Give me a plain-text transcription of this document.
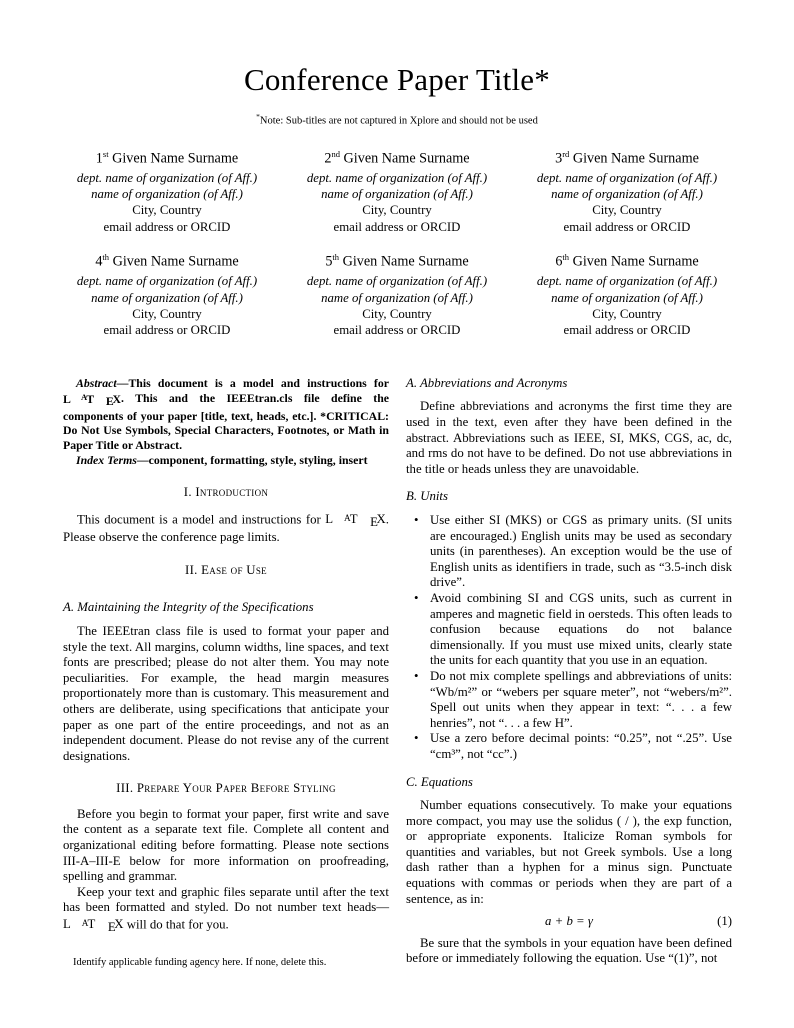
Conference Paper Title*
*Note: Sub-titles are not captured in Xplore and should not be used
1st Given Name Surname
dept. name of organization (of Aff.)
name of organization (of Aff.)
City, Country
email address or ORCID
2nd Given Name Surname
dept. name of organization (of Aff.)
name of organization (of Aff.)
City, Country
email address or ORCID
3rd Given Name Surname
dept. name of organization (of Aff.)
name of organization (of Aff.)
City, Country
email address or ORCID
4th Given Name Surname
dept. name of organization (of Aff.)
name of organization (of Aff.)
City, Country
email address or ORCID
5th Given Name Surname
dept. name of organization (of Aff.)
name of organization (of Aff.)
City, Country
email address or ORCID
6th Given Name Surname
dept. name of organization (of Aff.)
name of organization (of Aff.)
City, Country
email address or ORCID

Abstract—This document is a model and instructions for L AT EX. This and the IEEEtran.cls file define the components of your paper [title, text, heads, etc.]. *CRITICAL: Do Not Use Symbols, Special Characters, Footnotes, or Math in Paper Title or Abstract.

Index Terms—component, formatting, style, styling, insert

I. Introduction

This document is a model and instructions for L AT EX. Please observe the conference page limits.

II. Ease of Use
A. Maintaining the Integrity of the Specifications

The IEEEtran class file is used to format your paper and style the text. All margins, column widths, line spaces, and text fonts are prescribed; please do not alter them. You may note peculiarities. For example, the head margin measures proportionately more than is customary. This measurement and others are deliberate, using specifications that anticipate your paper as one part of the entire proceedings, and not as an independent document. Please do not revise any of the current designations.

III. Prepare Your Paper Before Styling

Before you begin to format your paper, first write and save the content as a separate text file. Complete all content and organizational editing before formatting. Please note sections III-A–III-E below for more information on proofreading, spelling and grammar.

Keep your text and graphic files separate until after the text has been formatted and styled. Do not number text heads—L AT EX will do that for you.

Identify applicable funding agency here. If none, delete this.

A. Abbreviations and Acronyms

Define abbreviations and acronyms the first time they are used in the text, even after they have been defined in the abstract. Abbreviations such as IEEE, SI, MKS, CGS, ac, dc, and rms do not have to be defined. Do not use abbreviations in the title or heads unless they are unavoidable.

B. Units
• Use either SI (MKS) or CGS as primary units. (SI units are encouraged.) English units may be used as secondary units (in parentheses). An exception would be the use of English units as identifiers in trade, such as “3.5-inch disk drive”.
• Avoid combining SI and CGS units, such as current in amperes and magnetic field in oersteds. This often leads to confusion because equations do not balance dimensionally. If you must use mixed units, clearly state the units for each quantity that you use in an equation.
• Do not mix complete spellings and abbreviations of units: “Wb/m²” or “webers per square meter”, not “webers/m²”. Spell out units when they appear in text: “. . . a few henries”, not “. . . a few H”.
• Use a zero before decimal points: “0.25”, not “.25”. Use “cm³”, not “cc”.)
C. Equations

Number equations consecutively. To make your equations more compact, you may use the solidus ( / ), the exp function, or appropriate exponents. Italicize Roman symbols for quantities and variables, but not Greek symbols. Use a long dash rather than a hyphen for a minus sign. Punctuate equations with commas or periods when they are part of a sentence, as in:

a + b = γ	(1)

Be sure that the symbols in your equation have been defined before or immediately following the equation. Use “(1)”, not
